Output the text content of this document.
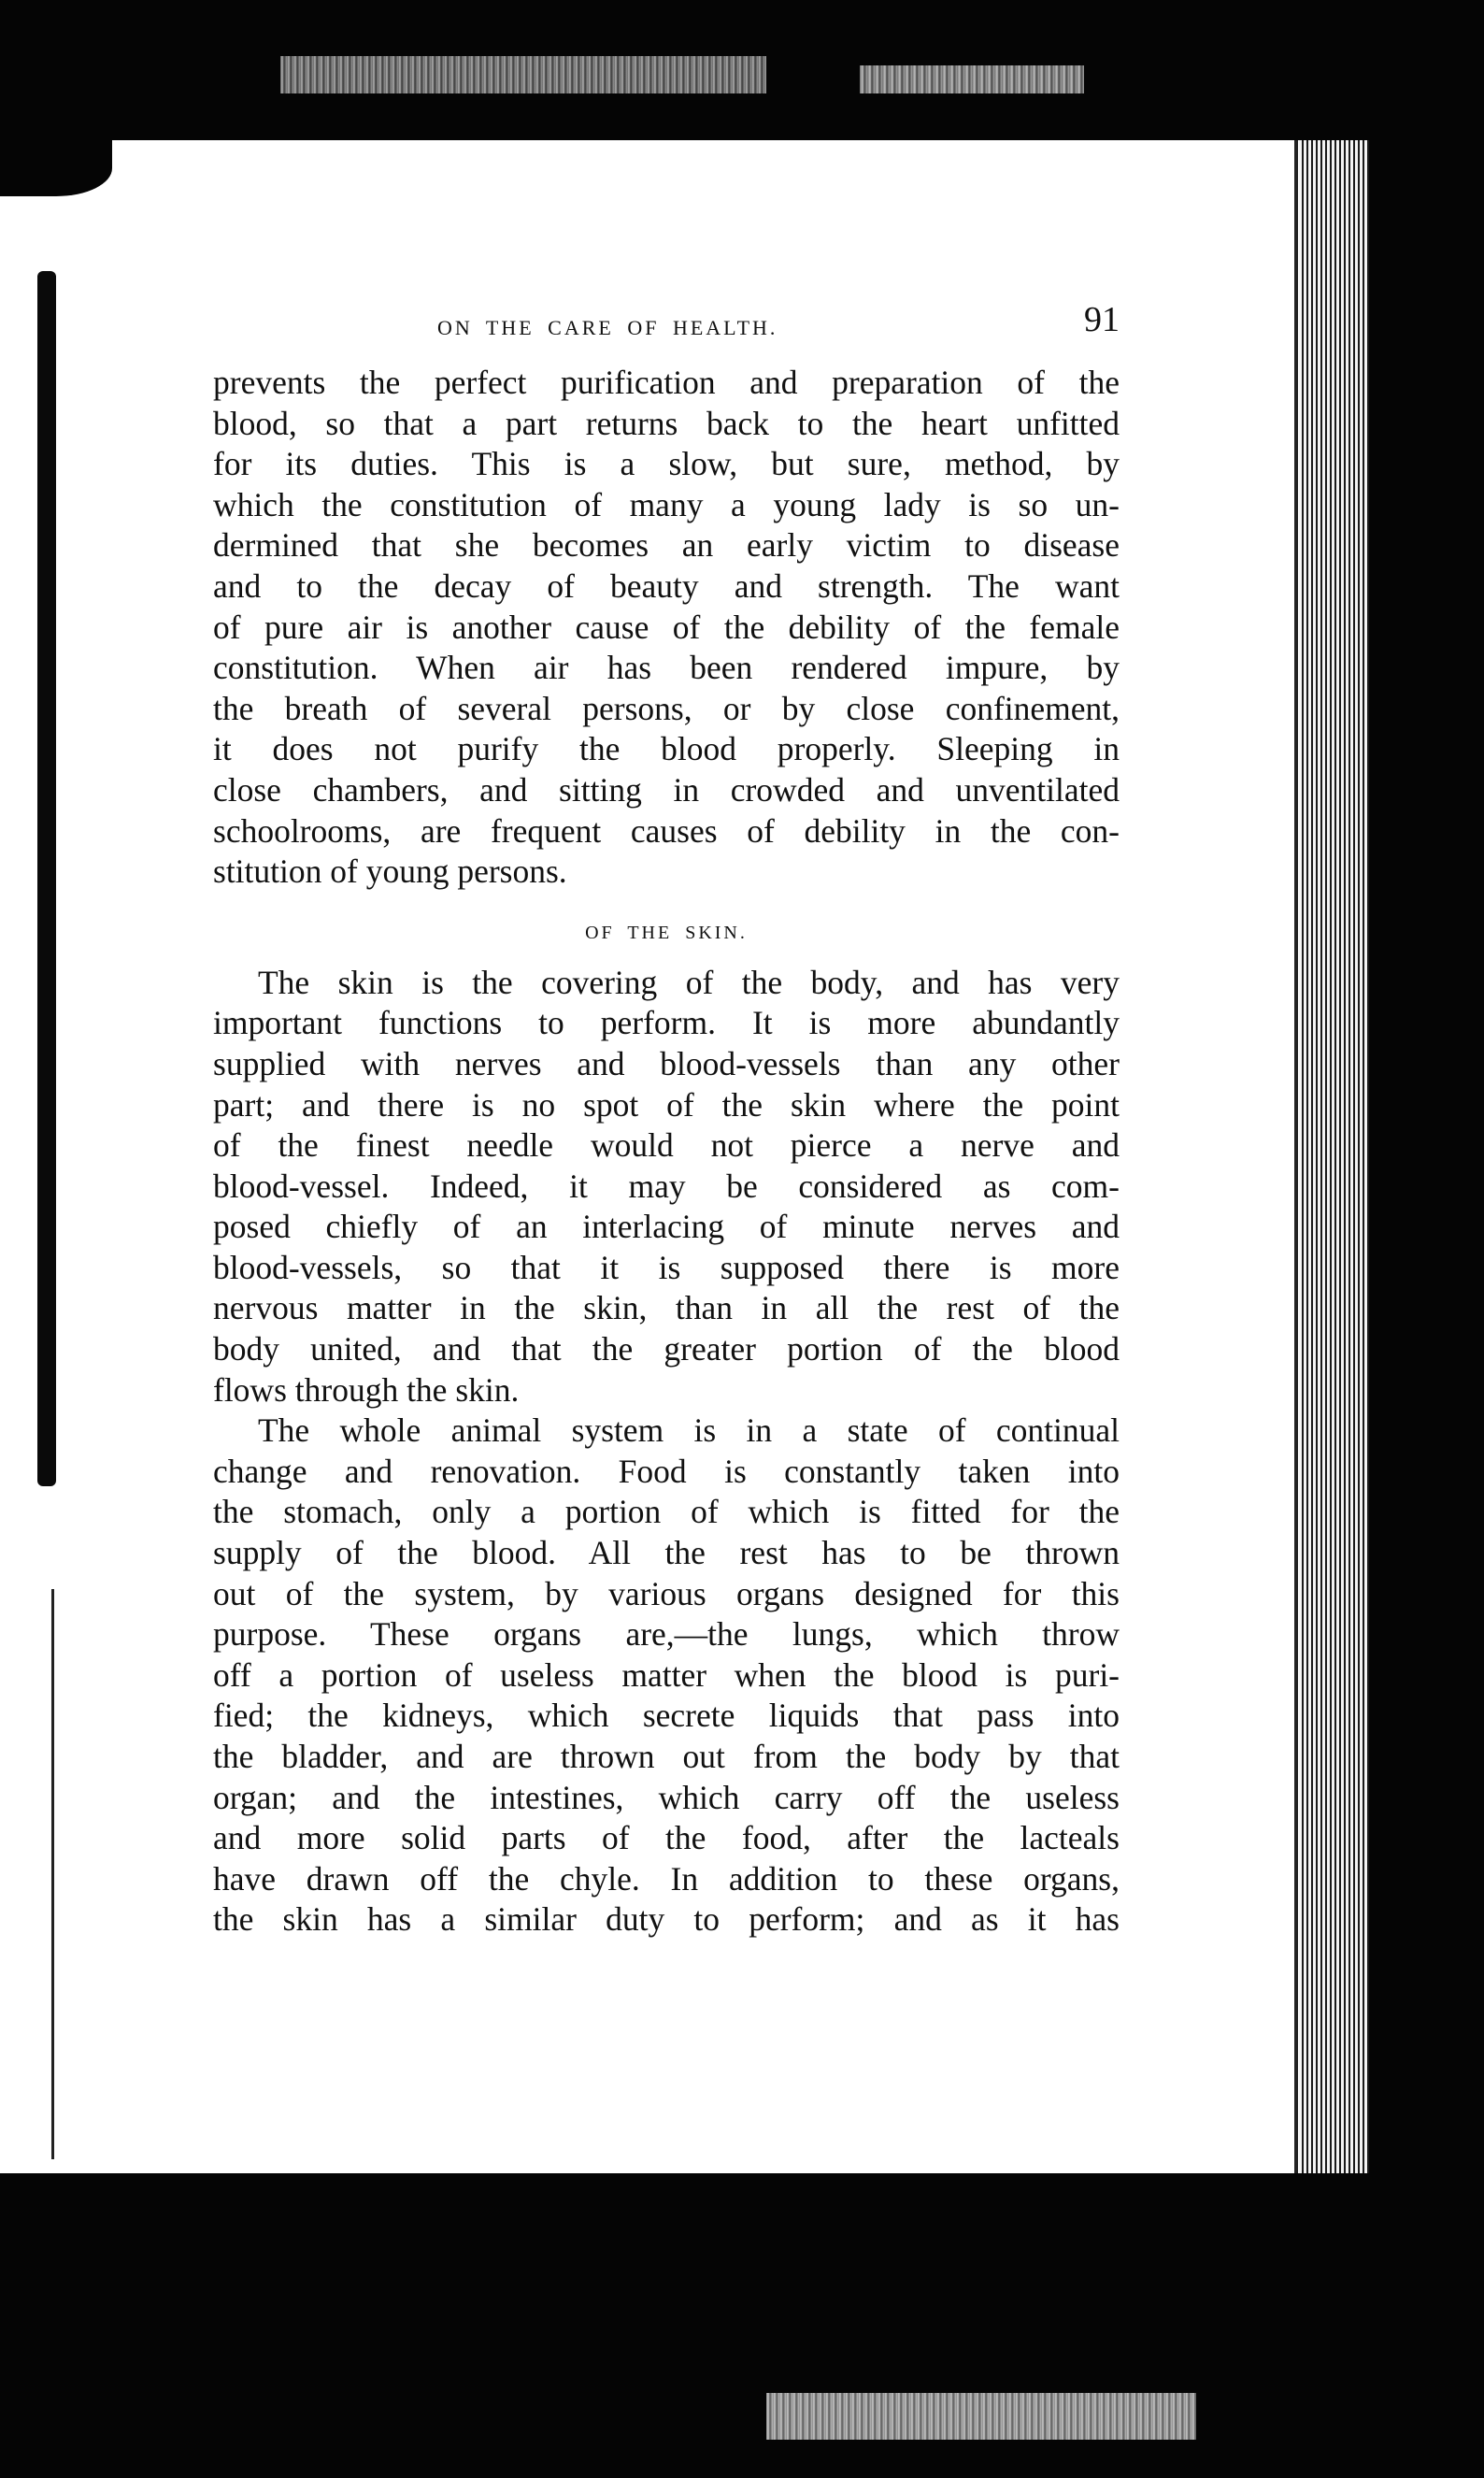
ON THE CARE OF HEALTH.	91
prevents the perfect purification and preparation of the
blood, so that a part returns back to the heart unfitted
for its duties. This is a slow, but sure, method, by
which the constitution of many a young lady is so un-
dermined that she becomes an early victim to disease
and to the decay of beauty and strength. The want
of pure air is another cause of the debility of the female
constitution. When air has been rendered impure, by
the breath of several persons, or by close confinement,
it does not purify the blood properly. Sleeping in
close chambers, and sitting in crowded and unventilated
schoolrooms, are frequent causes of debility in the con-
stitution of young persons.
OF THE SKIN.
The skin is the covering of the body, and has very
important functions to perform. It is more abundantly
supplied with nerves and blood-vessels than any other
part; and there is no spot of the skin where the point
of the finest needle would not pierce a nerve and
blood-vessel. Indeed, it may be considered as com-
posed chiefly of an interlacing of minute nerves and
blood-vessels, so that it is supposed there is more
nervous matter in the skin, than in all the rest of the
body united, and that the greater portion of the blood
flows through the skin.
The whole animal system is in a state of continual
change and renovation. Food is constantly taken into
the stomach, only a portion of which is fitted for the
supply of the blood. All the rest has to be thrown
out of the system, by various organs designed for this
purpose. These organs are,—the lungs, which throw
off a portion of useless matter when the blood is puri-
fied; the kidneys, which secrete liquids that pass into
the bladder, and are thrown out from the body by that
organ; and the intestines, which carry off the useless
and more solid parts of the food, after the lacteals
have drawn off the chyle. In addition to these organs,
the skin has a similar duty to perform; and as it has
